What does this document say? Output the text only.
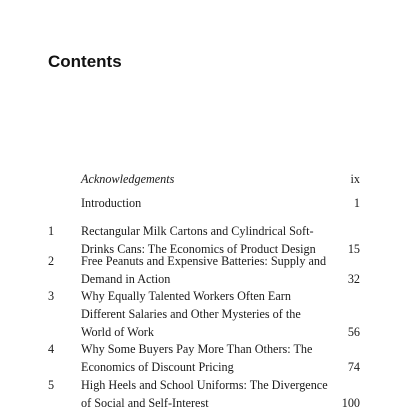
Contents

Acknowledgements	ix

Introduction	1
1	Rectangular Milk Cartons and Cylindrical Soft-
Drinks Cans: The Economics of Product Design	15
2	Free Peanuts and Expensive Batteries: Supply and
Demand in Action	32
3	Why Equally Talented Workers Often Earn
Different Salaries and Other Mysteries of the
World of Work	56
4	Why Some Buyers Pay More Than Others: The
Economics of Discount Pricing	74
5	High Heels and School Uniforms: The Divergence
of Social and Self-Interest	100
